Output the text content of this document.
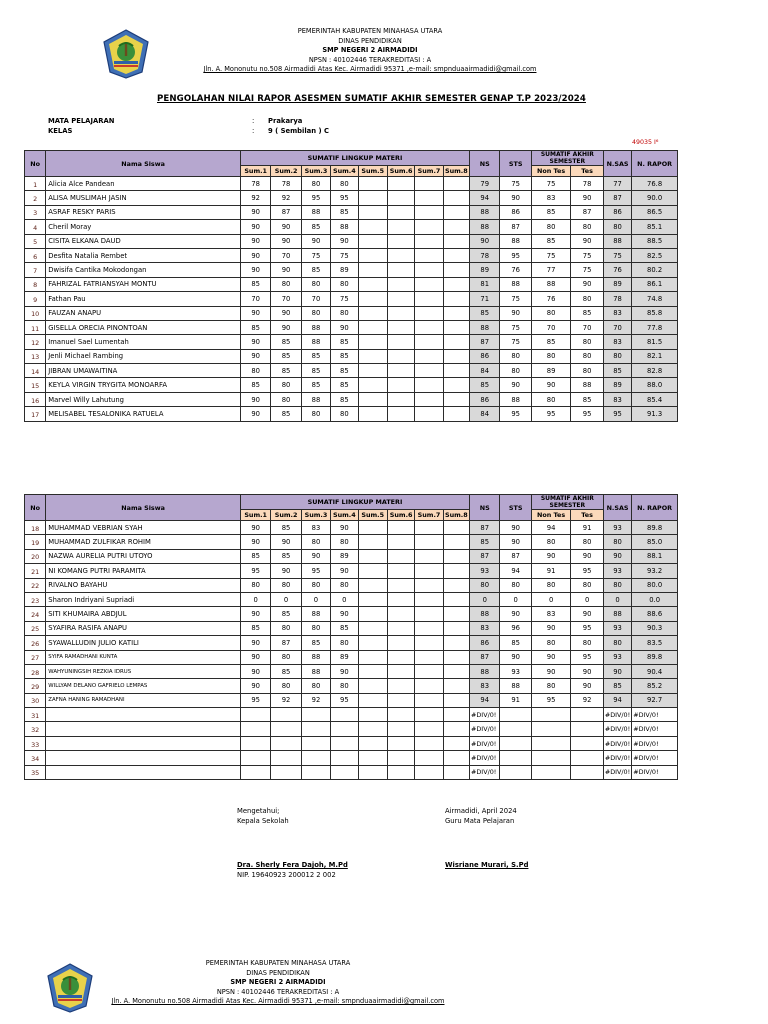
PEMERINTAH KABUPATEN MINAHASA UTARA
DINAS PENDIDIKAN
SMP NEGERI 2 AIRMADIDI
NPSN : 40102446 TERAKREDITASI : A
Jln. A. Mononutu no.508 Airmadidi Atas Kec. Airmadidi 95371 ,e-mail: smpnduaairmadidi@gmail.com
PENGOLAHAN NILAI RAPOR ASESMEN SUMATIF AKHIR SEMESTER GENAP T.P 2023/2024
MATA PELAJARAN	: Prakarya
KELAS	: 9 ( Sembilan ) C
49035 I⁶
No	Nama Siswa	SUMATIF LINGKUP MATERI								NS	STS	SUMATIF AKHIR SEMESTER		N.SAS	N. RAPOR
		Sum.1	Sum.2	Sum.3	Sum.4	Sum.5	Sum.6	Sum.7	Sum.8			Non Tes	Tes		
1	Alicia Alce Pandean	78	78	80	80					79	75	75	78	77	76.8
2	ALISA MUSLIMAH JASIN	92	92	95	95					94	90	83	90	87	90.0
3	ASRAF RESKY PARIS	90	87	88	85					88	86	85	87	86	86.5
4	Cheril Moray	90	90	85	88					88	87	80	80	80	85.1
5	CISITA ELKANA DAUD	90	90	90	90					90	88	85	90	88	88.5
6	Desfita Natalia Rembet	90	70	75	75					78	95	75	75	75	82.5
7	Dwisifa Cantika Mokodongan	90	90	85	89					89	76	77	75	76	80.2
8	FAHRIZAL FATRIANSYAH MONTU	85	80	80	80					81	88	88	90	89	86.1
9	Fathan Pau	70	70	70	75					71	75	76	80	78	74.8
10	FAUZAN ANAPU	90	90	80	80					85	90	80	85	83	85.8
11	GISELLA ORECIA PINONTOAN	85	90	88	90					88	75	70	70	70	77.8
12	Imanuel Sael Lumentah	90	85	88	85					87	75	85	80	83	81.5
13	Jenli Michael Rambing	90	85	85	85					86	80	80	80	80	82.1
14	JIBRAN UMAWAITINA	80	85	85	85					84	80	89	80	85	82.8
15	KEYLA VIRGIN TRYGITA MONOARFA	85	80	85	85					85	90	90	88	89	88.0
16	Marvel Willy Lahutung	90	80	88	85					86	88	80	85	83	85.4
17	MELISABEL TESALONIKA RATUELA	90	85	80	80					84	95	95	95	95	91.3
No	Nama Siswa	SUMATIF LINGKUP MATERI								NS	STS	SUMATIF AKHIR SEMESTER		N.SAS	N. RAPOR
		Sum.1	Sum.2	Sum.3	Sum.4	Sum.5	Sum.6	Sum.7	Sum.8			Non Tes	Tes		
18	MUHAMMAD VEBRIAN SYAH	90	85	83	90					87	90	94	91	93	89.8
19	MUHAMMAD ZULFIKAR ROHIM	90	90	80	80					85	90	80	80	80	85.0
20	NAZWA AURELIA PUTRI UTOYO	85	85	90	89					87	87	90	90	90	88.1
21	NI KOMANG PUTRI PARAMITA	95	90	95	90					93	94	91	95	93	93.2
22	RIVALNO BAYAHU	80	80	80	80					80	80	80	80	80	80.0
23	Sharon Indriyani Supriadi	0	0	0	0					0	0	0	0	0	0.0
24	SITI KHUMAIRA ABDJUL	90	85	88	90					88	90	83	90	88	88.6
25	SYAFIRA RASIFA ANAPU	85	80	80	85					83	96	90	95	93	90.3
26	SYAWALLUDIN JULIO KATILI	90	87	85	80					86	85	80	80	80	83.5
27	SYIFA RAMADHANI KUNTA	90	80	88	89					87	90	90	95	93	89.8
28	WAHYUNINGSIH REZKIA IDRUS	90	85	88	90					88	93	90	90	90	90.4
29	WILLYAM DELANO GAFRIELO LEMPAS	90	80	80	80					83	88	80	90	85	85.2
30	ZAFNA HANING RAMADHANI	95	92	92	95					94	91	95	92	94	92.7
31										#DIV/0!				#DIV/0!	#DIV/0!
32										#DIV/0!				#DIV/0!	#DIV/0!
33										#DIV/0!				#DIV/0!	#DIV/0!
34										#DIV/0!				#DIV/0!	#DIV/0!
35										#DIV/0!				#DIV/0!	#DIV/0!
Mengetahui;
Kepala Sekolah
Dra. Sherly Fera Dajoh, M.Pd
NIP. 19640923 200012 2 002
Airmadidi, April 2024
Guru Mata Pelajaran
Wisriane Murari, S.Pd
PEMERINTAH KABUPATEN MINAHASA UTARA
DINAS PENDIDIKAN
SMP NEGERI 2 AIRMADIDI
NPSN : 40102446 TERAKREDITASI : A
Jln. A. Mononutu no.508 Airmadidi Atas Kec. Airmadidi 95371 ,e-mail: smpnduaairmadidi@gmail.com
